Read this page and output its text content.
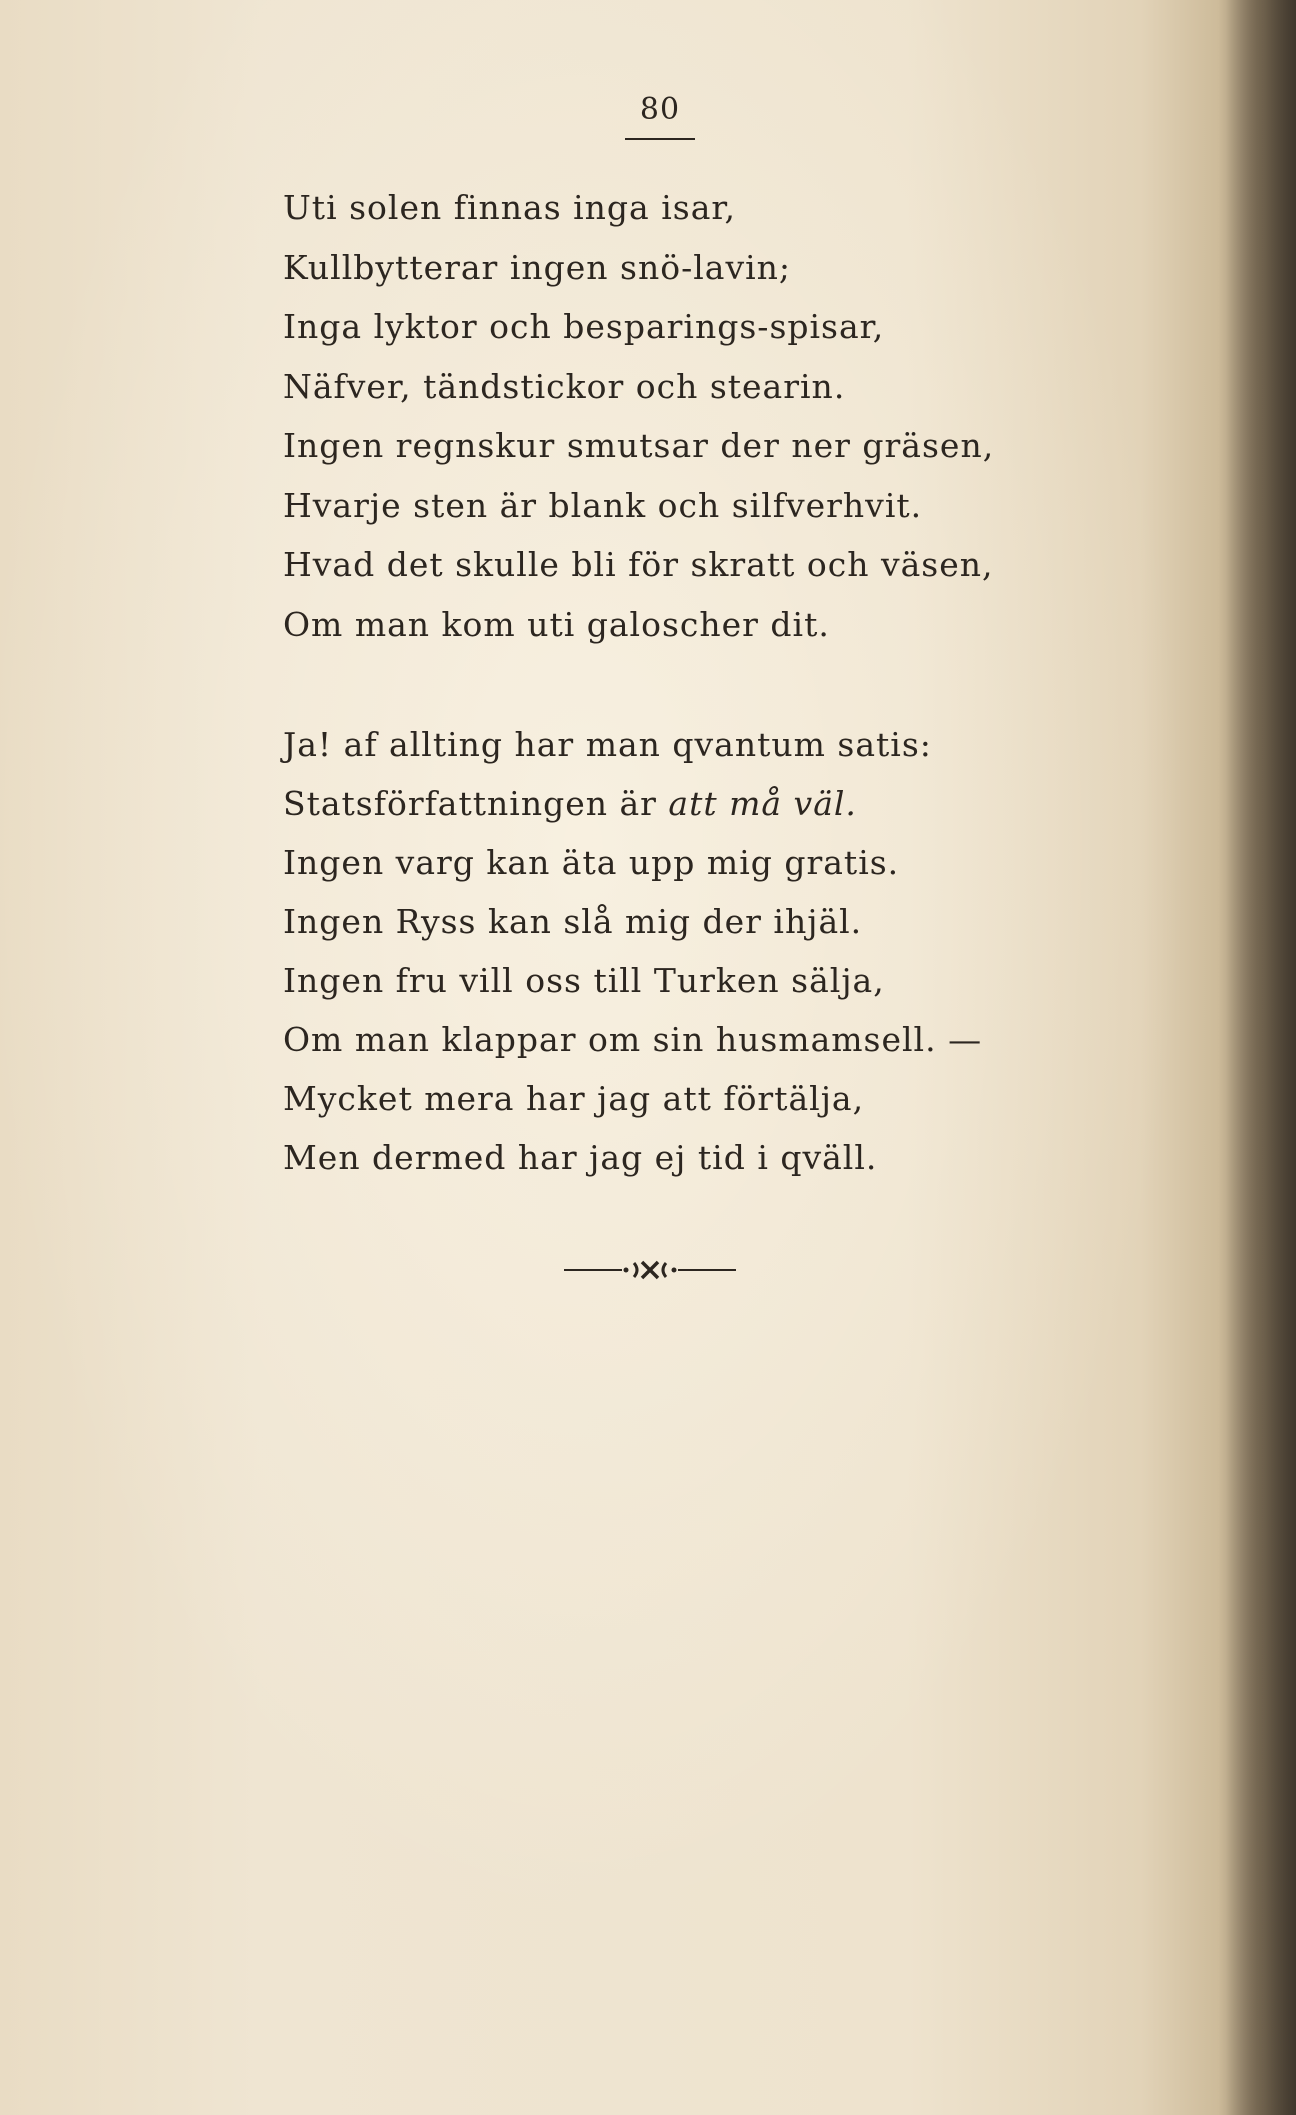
80
Uti solen finnas inga isar,
Kullbytterar ingen snö-lavin;
Inga lyktor och besparings-spisar,
Näfver, tändstickor och stearin.
Ingen regnskur smutsar der ner gräsen,
Hvarje sten är blank och silfverhvit.
Hvad det skulle bli för skratt och väsen,
Om man kom uti galoscher dit.
Ja! af allting har man qvantum satis:
Statsförfattningen är att må väl.
Ingen varg kan äta upp mig gratis.
Ingen Ryss kan slå mig der ihjäl.
Ingen fru vill oss till Turken sälja,
Om man klappar om sin husmamsell. —
Mycket mera har jag att förtälja,
Men dermed har jag ej tid i qväll.
